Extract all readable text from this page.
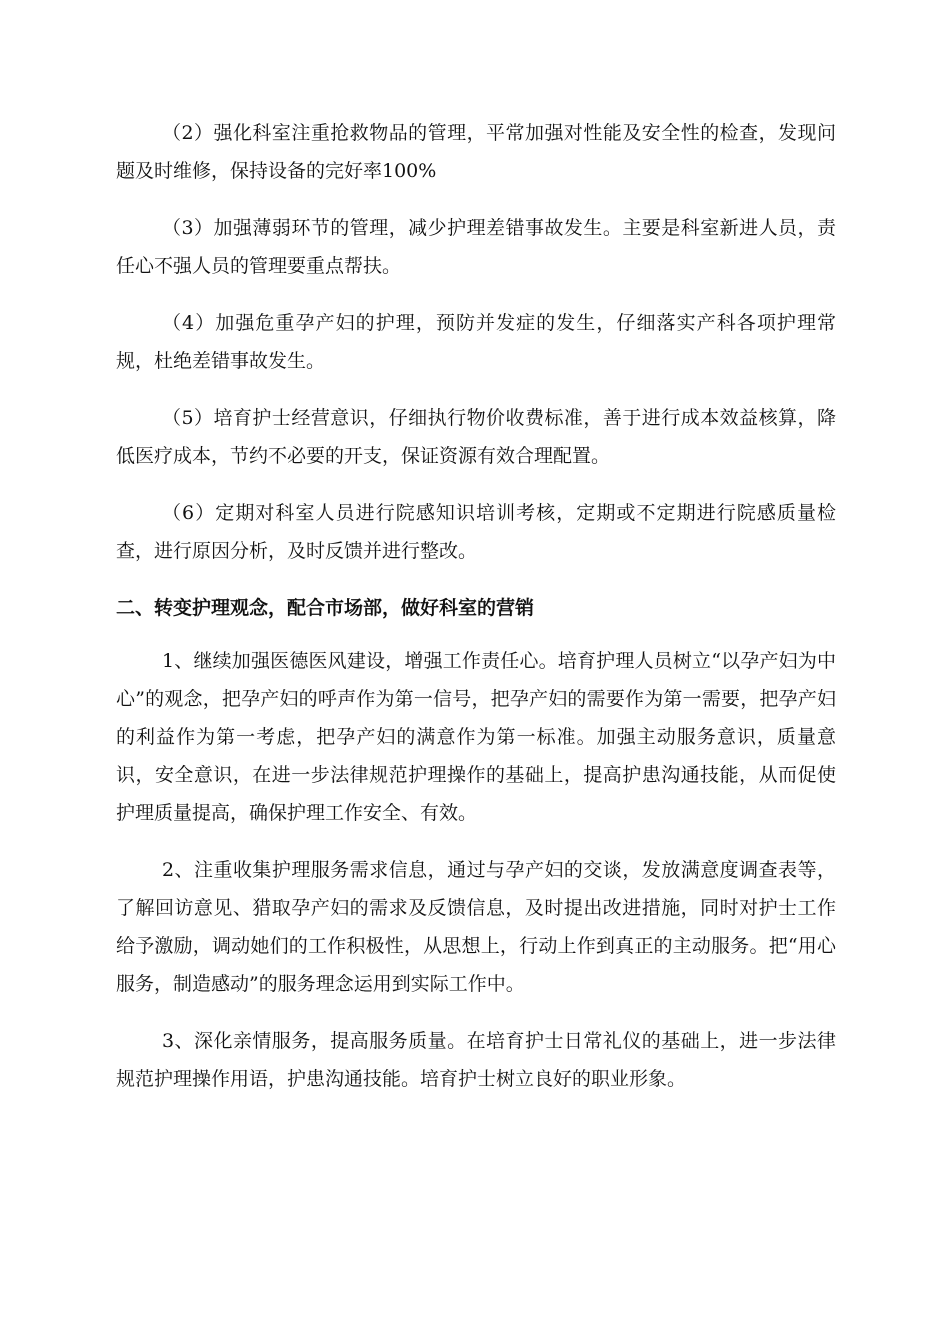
（2）强化科室注重抢救物品的管理，平常加强对性能及安全性的检查，发现问题及时维修，保持设备的完好率100%

（3）加强薄弱环节的管理，减少护理差错事故发生。主要是科室新进人员，责任心不强人员的管理要重点帮扶。

（4）加强危重孕产妇的护理，预防并发症的发生，仔细落实产科各项护理常规，杜绝差错事故发生。

（5）培育护士经营意识，仔细执行物价收费标准，善于进行成本效益核算，降低医疗成本，节约不必要的开支，保证资源有效合理配置。

（6）定期对科室人员进行院感知识培训考核，定期或不定期进行院感质量检查，进行原因分析，及时反馈并进行整改。

二、转变护理观念，配合市场部，做好科室的营销

1、继续加强医德医风建设，增强工作责任心。培育护理人员树立“以孕产妇为中心”的观念，把孕产妇的呼声作为第一信号，把孕产妇的需要作为第一需要，把孕产妇的利益作为第一考虑，把孕产妇的满意作为第一标准。加强主动服务意识，质量意识，安全意识，在进一步法律规范护理操作的基础上，提高护患沟通技能，从而促使护理质量提高，确保护理工作安全、有效。

2、注重收集护理服务需求信息，通过与孕产妇的交谈，发放满意度调查表等，了解回访意见、猎取孕产妇的需求及反馈信息，及时提出改进措施，同时对护士工作给予激励，调动她们的工作积极性，从思想上，行动上作到真正的主动服务。把“用心服务，制造感动”的服务理念运用到实际工作中。

3、深化亲情服务，提高服务质量。在培育护士日常礼仪的基础上，进一步法律规范护理操作用语，护患沟通技能。培育护士树立良好的职业形象。
